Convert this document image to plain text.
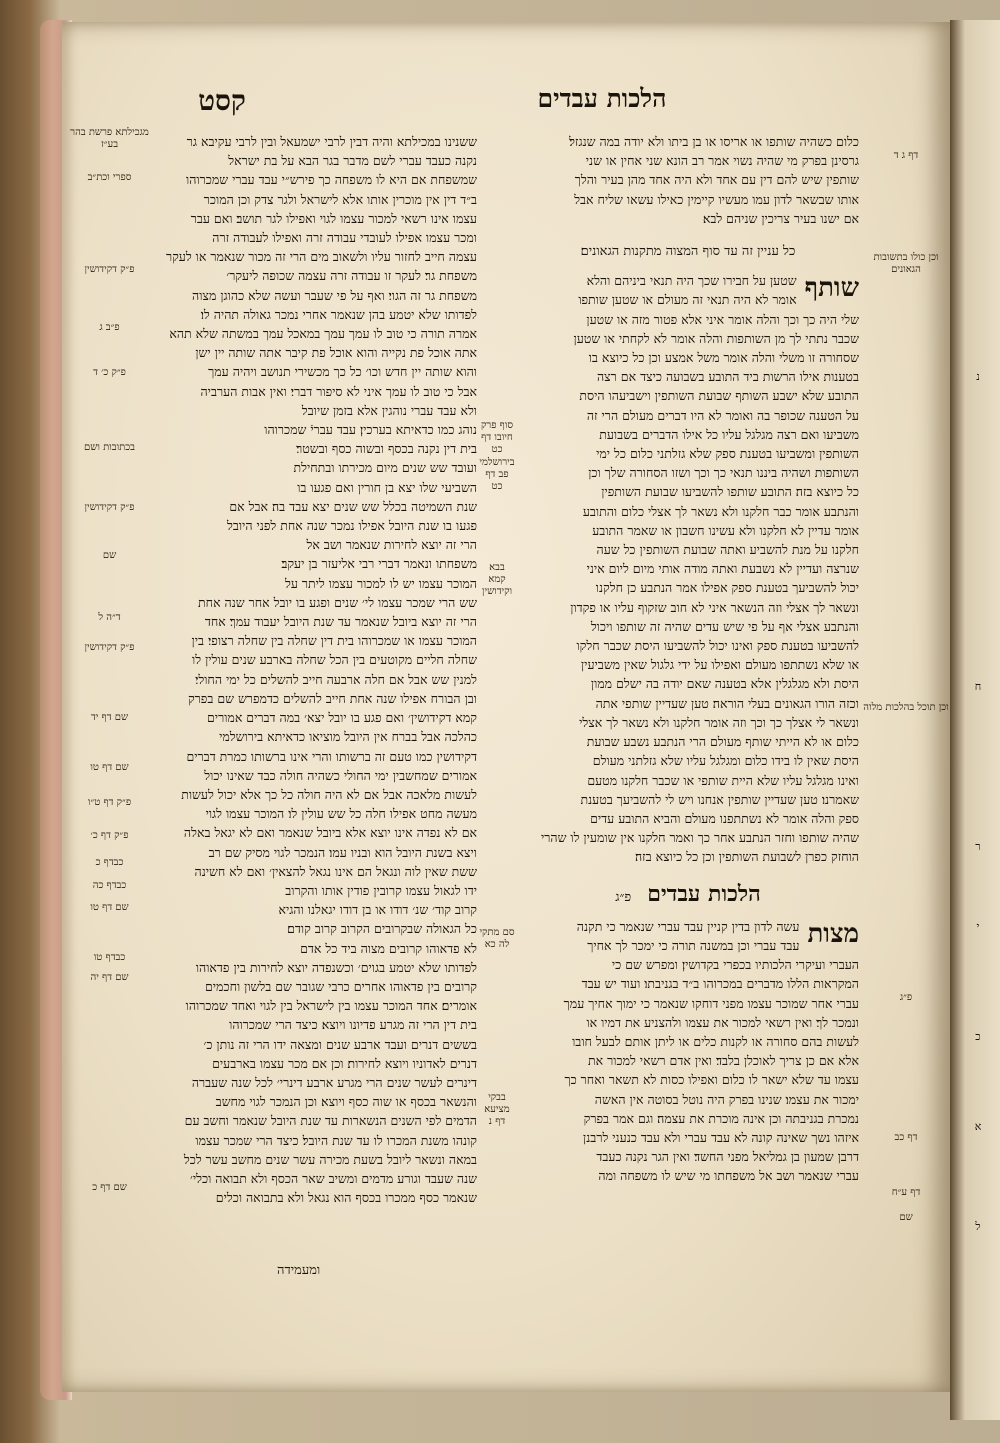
הלכות עבדים
קסט
כלום כשהיה שותפו או אריסו או בן ביתו ולא יודה במה שנגזל׃
גרסינן בפרק מי שהיה נשוי אמר רב הונא שני אחין או שני
שותפין שיש להם דין עם אחד ולא היה אחד מהן בעיר והלך
אותו שבשאר לדון עמו מעשיו קיימין כאילו עשאו שליח אבל
אם ישנו בעיר צריכין שניהם לבא׃
כל עניין זה עד סוף המצוה מתקנות הגאונים׃
שותף
שטען על חבירו שכך היה תנאי ביניהם והלא
אומר לא היה תנאי זה מעולם או שטען שותפו
שלי היה כך וכך והלה אומר איני אלא פטור מזה או שטען
שכבר נתתי לך מן השותפות והלה אומר לא לקחתי או שטען
שסחורה זו משלי והלה אומר משל אמצע וכן כל כיוצא בו
בטענות אילו הרשות ביד התובע בשבועה כיצד אם רצה
התובע שלא ישבע השותף שבועת השותפין וישביעהו היסת
על הטענה שכופר בה ואומר לא היו דברים מעולם הרי זה
משביעו ואם רצה מגלגל עליו כל אילו הדברים בשבועת
השותפין ומשביעו בטענת ספק שלא גזלתני כלום כל ימי
השותפות ושהיה ביננו תנאי כך וכך ושזו הסחורה שלך וכן
כל כיוצא בזה׃ התובע שותפו להשביעו שבועת השותפין
והנתבע אומר כבר חלקנו ולא נשאר לך אצלי כלום והתובע
אומר עדיין לא חלקנו ולא עשינו חשבון או שאמר התובע
חלקנו על מנת להשביע ואתה שבועת השותפין כל שעה
שנרצה ועדיין לא נשבעת ואתה מודה אותי מיום ליום איני
יכול להשביעך בטענת ספק אפילו אמר הנתבע כן חלקנו
ונשאר לך אצלי וזה הנשאר איני לא חוב שזקוף עליו או פקדון
והנתבע אצלי אף על פי שיש עדים שהיה זה שותפו ויכול
להשביעו בטענת ספק ואינו יכול להשביעו היסת שכבר חלקו
או שלא נשתתפו מעולם ואפילו על ידי גלגול שאין משביעין
היסת ולא מגלגלין אלא בטענה שאם יודה בה ישלם ממון
וכזה הורו הגאונים בעלי הוראה׃ טען שעדיין שותפי אתה
ונשאר לי אצלך כך וכך וזה אומר חלקנו ולא נשאר לך אצלי
כלום או לא הייתי שותף מעולם הרי הנתבע נשבע שבועת
היסת שאין לו בידו כלום ומגלגל עליו שלא גזלתני מעולם
ואינו מגלגל עליו שלא היית שותפי או שכבר חלקנו מטעם
שאמרנו׃ טען שעדיין שותפין אנחנו ויש לי להשביעך בטענת
ספק והלה אומר לא נשתתפנו מעולם והביא התובע עדים
שהיה שותפו וחזר הנתבע אחר כך ואמר חלקנו אין שומעין לו שהרי
הוחזק כפרן לשבועת השותפין וכן כל כיוצא בזה׃
הלכות עבדים
פ״ג
מצות
עשה לדון בדין קניין עבד עברי שנאמר כי תקנה
עבד עברי וכן במשנה תורה כי ימכר לך אחיך
העברי ועיקרי הלכותיו בכפרי בקדושין׃ ומפרש שם כי
המקראות הללו מדברים במכרוהו ב״ד בגניבתו׃ ועוד יש עבד
עברי אחר שמוכר עצמו מפני דוחקו שנאמר כי ימוך אחיך עמך
ונמכר לך׃ ואין רשאי למכור את עצמו ולהצניע את דמיו או
לעשות בהם סחורה או לקנות כלים או ליתן אותם לבעל חובו
אלא אם כן צריך לאוכלן בלבד׃ ואין אדם רשאי למכור את
עצמו עד שלא ישאר לו כלום ואפילו כסות לא תשאר ואחר כך
ימכור את עצמו׃ שנינו בפרק היה נוטל בסוטה אין האשה
נמכרת בגניבתה וכן אינה מוכרת את עצמה׃ וגם אמר בפרק
איזהו נשך שאינה קונה לא עבד עברי ולא עבד כנעני לרבנן
דרבן שמעון בן גמליאל מפני החשד׃ ואין הגר נקנה כעבד
עברי שנאמר ושב אל משפחתו מי שיש לו משפחה ומה
ששנינו במכילתא והיה דבין לרבי ישמעאל ובין לרבי עקיבא גר
נקנה כעבד עברי לשם מדבר בגר הבא על בת ישראל
שמשפחת אם היא לו משפחה כך פירש״י עבד עברי שמכרוהו
ב״ד דין אין מוכרין אותו אלא לישראל ולגר צדק וכן המוכר
עצמו אינו רשאי למכור עצמו לגוי ואפילו לגר תושב׃ ואם עבר
ומכר עצמו אפילו לעובדי עבודה זרה ואפילו לעבודה זרה
עצמה חייב לחזור עליו ולשאוב מים הרי זה מכור שנאמר או לעקר
משפחת גר׃ לעקר זו עבודה זרה עצמה שכופה ליעקר׳
משפחת גר זה הגוי׃ ואף על פי שעבר ועשה שלא כהוגן מצוה
לפדותו שלא יטמע בהן שנאמר אחרי נמכר גאולה תהיה לו׃
אמרה תורה כי טוב לו עמך עמך במאכל עמך במשתה שלא תהא
אתה אוכל פת נקייה והוא אוכל פת קיבר אתה שותה יין ישן
והוא שותה יין חדש וכו׳ כל כך מכשירי תנושב ויהיה עמך
אבל כי טוב לו עמך איני לא סיפור דברי׃ ואין אבות הערביה
ולא עבד עברי נוהגין אלא בזמן שיובל
נוהג כמו כדאיתא בערכין׃ עבד עבריֿ שמכרוהו
בית דין נקנה בכסף ובשוה כסף ובשטר׃
ועובד שש שנים מיום מכירתו ובתחילת
השביעי שלו יצא בן חורין ואם פגעו בו
שנת השמיטה בכלל שש שנים יצא עבד בה׃ אבל אם
פגעו בו שנת היובל אפילו נמכר שנה אחת לפני היובל
הרי זה יוצא לחירות שנאמר ושב אל
משפחתו ונאמר דברי רבי אליעזר בן יעקב׃
המוכר עצמו יש לו למכור עצמו ליתר על
שש הרי שמכר עצמו לי׳ שנים ופגע בו יובל אחר שנה אחת
הרי זה יוצא ביובל שנאמר עד שנת היובל יעבוד עמך׃ אחד
המוכר עצמו או שמכרוהו בית דין שחלה בין שחלה רצופי׃ בין
שחלה חליים מקוטעים בין הכל שחלה בארבע שנים עולין לו
למנין שש אבל אם חלה ארבעה חייב להשלים כל ימי החולי׃
ובן הבורח אפילו שנה אחת חייב להשלים כדמפרש שם בפרק
קמא דקידושין׳ ואם פגע בו יובל יצא׳ במה דברים אמורים
כהלכה אבל בברח אין היובל מוציאו כדאיתא בירושלמי
דקידושין כמו טעם זה ברשותו והרי אינו ברשותו כמרת דברים
אמורים שמחשבין ימי החולי כשהיה חולה כבד שאינו יכול
לעשות מלאכה אבל אם לא היה חולה כל כך אלא יכול לעשות
מעשה מחט אפילו חלה כל שש עולין לו׃ המוכר עצמו לגוי
אם לא נפדה אינו יוצא אלא ביובל שנאמר ואם לא יגאל באלה
ויצא בשנת היובל הוא ובניו עמו׃ הנמכר לגוי מסיק שם רב
ששת שאין לוה ונגאל הם אינו נגאל להצאין׳ ואם לא חשינה
ידו לגאול עצמו קרובין פודין אותו והקרוב
קרוב קוד׳ שנ׳ דודו או בן דודו יגאלנו והגיא
כל הגאולה שבקרובים הקרוב קרוב קודם׃
לא פדאוהו קרובים מצוה ביד כל אדם
לפדותו שלא יטמע בגוים׳ וכשנפדה יוצא לחירות בין פדאוהו
קרובים בין פדאוהו אחרים כרבי שגובר שם בלשון וחכמים
אומרים׃ אחד המוכר עצמו בין לישראל בין לגוי ואחד שמכרוהו
בית דין הרי זה מגרע פדיונו ויוצא׃ כיצד הרי שמכרוהו
בששים דנרים ועבד ארבע שנים ומצאה ידו הרי זה נותן כ׳
דנרים לאדוניו ויוצא לחירות׃ וכן אם מכר עצמו בארבעים
דינרים לעשר שנים הרי מגרע ארבע דינרי׳ לכל שנה שעברה
והנשאר בכסף או שוה כסף ויוצא׃ וכן הנמכר לגוי מחשב
הדמים לפי השנים הנשארות עד שנת היובל שנאמר וחשב עם
קונהו משנת המכרו לו עד שנת היובל׃ כיצד הרי שמכר עצמו
במאה ונשאר ליובל בשעת מכירה עשר שנים מחשב עשר לכל
שנה שעבד וגורע מדמים ומשיב שאר הכסף ולא תבואה וכלי׳
שנאמר כסף ממכרו בכסף הוא נגאל ולא בתבואה וכלים
ומעמידה
מגכילתא פרשת בהר בע״ז
ספרי וכת״ב
פ״ק דקידושין
פ״ב ג
פ״ק כ׳ ד
בכתובות ושם
פ״ק דקידושין
שם
ד״ה ל
פ״ק דקידושין
שם דף יד
שם דף טו
פ״ק דף ט״ו
פ״ק דף כ׳
כבדף כ
כבדף כה
שם דף טו
כבדף טו
שם דף יה
שם דף כ
דף ג ד
וכן כולו בתשובות הגאונים
וכן תוכל בהלכות מלוה
פ״ג
דף כב
דף ע״ח
שם
סוף פרק חיובו דף כט
בירושלמי פב דף כט
בבא קמא וקידושין
סם מתקי לה כא
בבקי מציעא דף נ
נ
ח
ר
י
כ
א
ל
